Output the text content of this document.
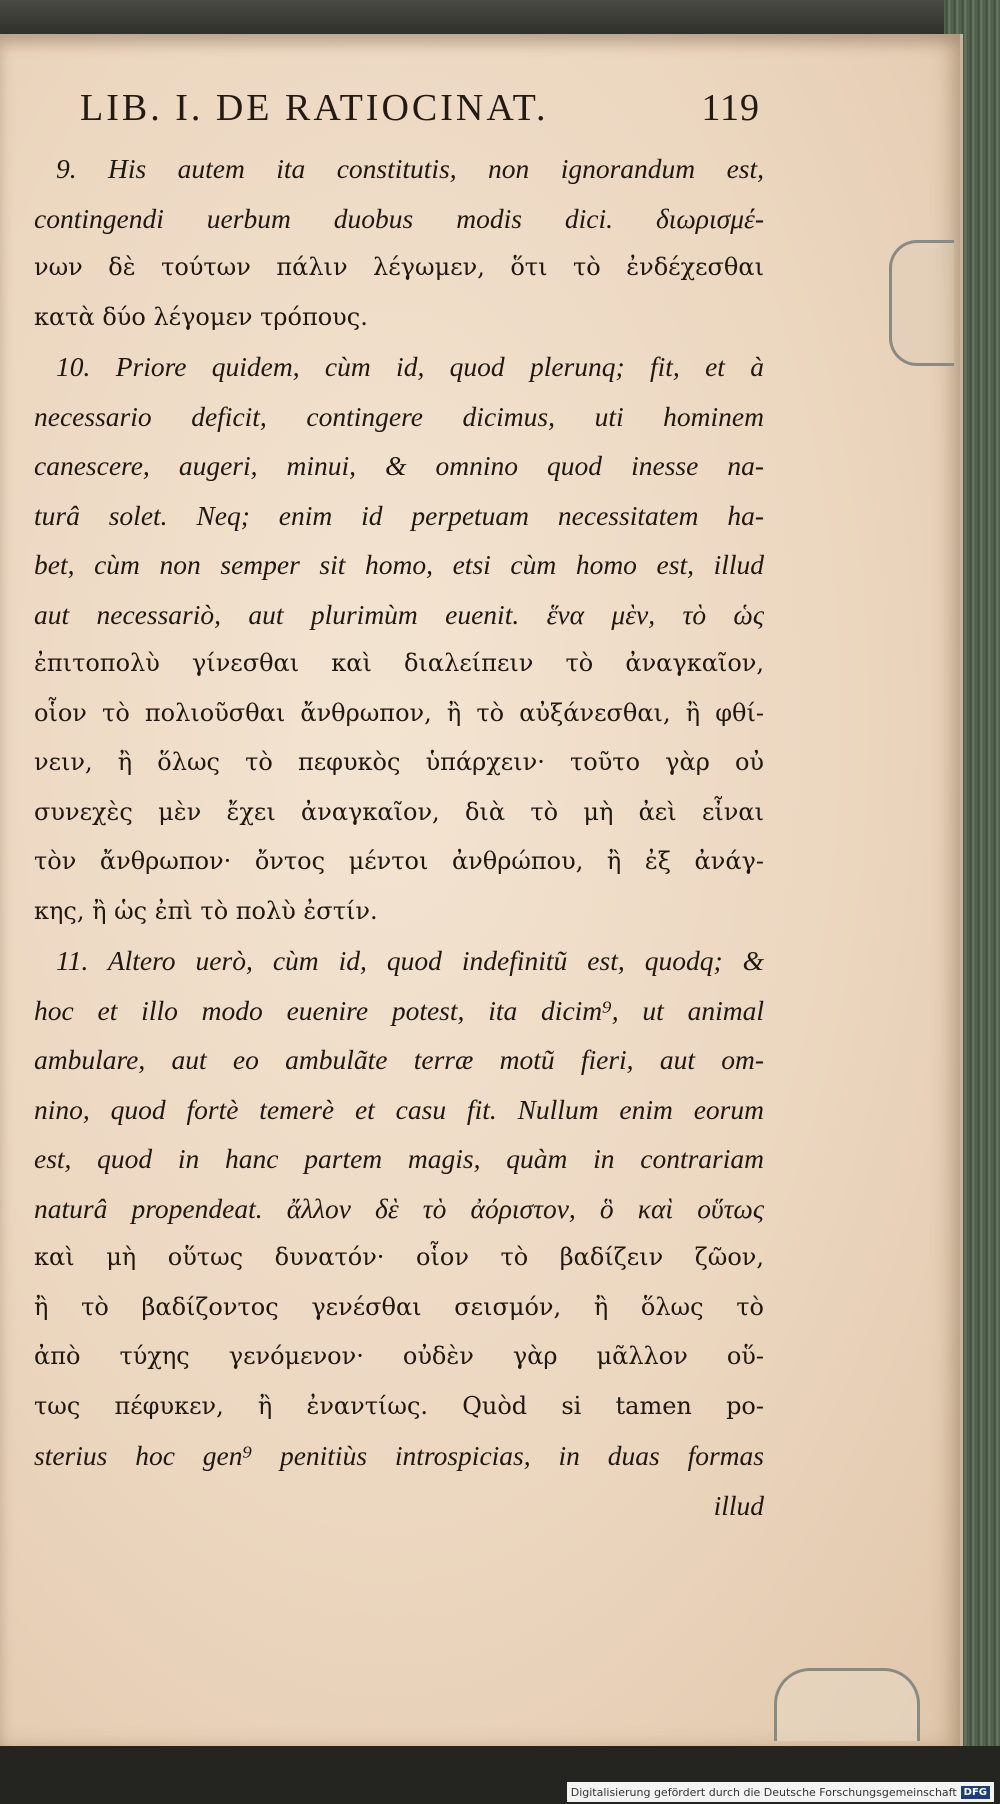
LIB. I. DE RATIOCINAT.	119
9. His autem ita constitutis, non ignorandum est,
contingendi uerbum duobus modis dici. διωρισμέ-
νων δὲ τούτων πάλιν λέγωμεν, ὅτι τὸ ἐνδέχεσθαι
κατὰ δύο λέγομεν τρόπους.
10. Priore quidem, cùm id, quod plerunq; fit, et à
necessario deficit, contingere dicimus, uti hominem
canescere, augeri, minui, & omnino quod inesse na-
turâ solet. Neq; enim id perpetuam necessitatem ha-
bet, cùm non semper sit homo, etsi cùm homo est, illud
aut necessariò, aut plurimùm euenit. ἕνα μὲν, τὸ ὡς
ἐπιτοπολὺ γίνεσθαι καὶ διαλείπειν τὸ ἀναγκαῖον,
οἷον τὸ πολιοῦσθαι ἄνθρωπον, ἢ τὸ αὐξάνεσθαι, ἢ φθί-
νειν, ἢ ὅλως τὸ πεφυκὸς ὑπάρχειν· τοῦτο γὰρ οὐ
συνεχὲς μὲν ἔχει ἀναγκαῖον, διὰ τὸ μὴ ἀεὶ εἶναι
τὸν ἄνθρωπον· ὄντος μέντοι ἀνθρώπου, ἢ ἐξ ἀνάγ-
κης, ἢ ὡς ἐπὶ τὸ πολὺ ἐστίν.
11. Altero uerò, cùm id, quod indefinitũ est, quodq; &
hoc et illo modo euenire potest, ita dicim⁹, ut animal
ambulare, aut eo ambulãte terræ motũ fieri, aut om-
nino, quod fortè temerè et casu fit. Nullum enim eorum
est, quod in hanc partem magis, quàm in contrariam
naturâ propendeat. ἄλλον δὲ τὸ ἀόριστον, ὃ καὶ οὕτως
καὶ μὴ οὕτως δυνατόν· οἷον τὸ βαδίζειν ζῶον,
ἢ τὸ βαδίζοντος γενέσθαι σεισμόν, ἢ ὅλως τὸ
ἀπὸ τύχης γενόμενον· οὐδὲν γὰρ μᾶλλον οὕ-
τως πέφυκεν, ἢ ἐναντίως. Quòd si tamen po-
sterius hoc gen⁹ penitiùs introspicias, in duas formas
illud
Digitalisierung gefördert durch die Deutsche Forschungsgemeinschaft DFG
